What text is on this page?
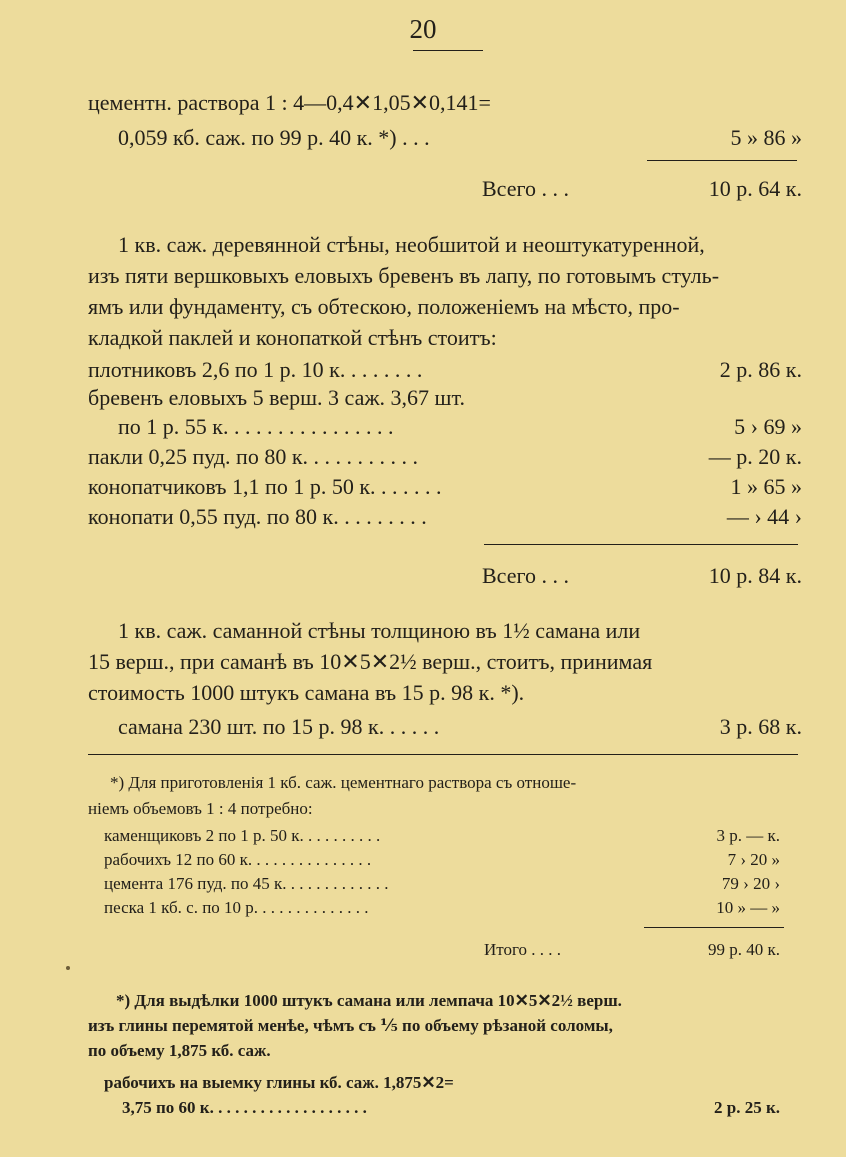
20
цементн. раствора 1 : 4—0,4✕1,05✕0,141=
0,059 кб. саж. по 99 р. 40 к. *) . . .	5 » 86 »
Всего . . .	10 р. 64 к.
1 кв. саж. деревянной стѣны, необшитой и неоштукатуренной,
изъ пяти вершковыхъ еловыхъ бревенъ въ лапу, по готовымъ стуль-
ямъ или фундаменту, съ обтескою, положеніемъ на мѣсто, про-
кладкой паклей и конопаткой стѣнъ стоитъ:
плотниковъ 2,6 по 1 р. 10 к. . . . . . . .	2 р. 86 к.
бревенъ еловыхъ 5 верш. 3 саж. 3,67 шт.
по 1 р. 55 к. . . . . . . . . . . . . . . .	5 › 69 »
пакли 0,25 пуд. по 80 к. . . . . . . . . . .	— р. 20 к.
конопатчиковъ 1,1 по 1 р. 50 к. . . . . . .	1 » 65 »
конопати 0,55 пуд. по 80 к. . . . . . . . .	— › 44 ›
Всего . . .	10 р. 84 к.
1 кв. саж. саманной стѣны толщиною въ 1½ самана или
15 верш., при саманѣ въ 10✕5✕2½ верш., стоитъ, принимая
стоимость 1000 штукъ самана въ 15 р. 98 к. *).
самана 230 шт. по 15 р. 98 к. . . . . .	3 р. 68 к.
*) Для приготовленія 1 кб. саж. цементнаго раствора съ отноше-
ніемъ объемовъ 1 : 4 потребно:
каменщиковъ 2 по 1 р. 50 к. . . . . . . . . .	3 р. — к.
рабочихъ 12 по 60 к. . . . . . . . . . . . . . .	7 › 20 »
цемента 176 пуд. по 45 к. . . . . . . . . . . . .	79 › 20 ›
песка 1 кб. с. по 10 р. . . . . . . . . . . . . .	10 » — »
Итого . . . .	99 р. 40 к.
*) Для выдѣлки 1000 штукъ самана или лемпача 10✕5✕2½ верш.
изъ глины перемятой менѣе, чѣмъ съ ⅕ по объему рѣзаной соломы,
по объему 1,875 кб. саж.
рабочихъ на выемку глины кб. саж. 1,875✕2=
3,75 по 60 к. . . . . . . . . . . . . . . . . . .	2 р. 25 к.
